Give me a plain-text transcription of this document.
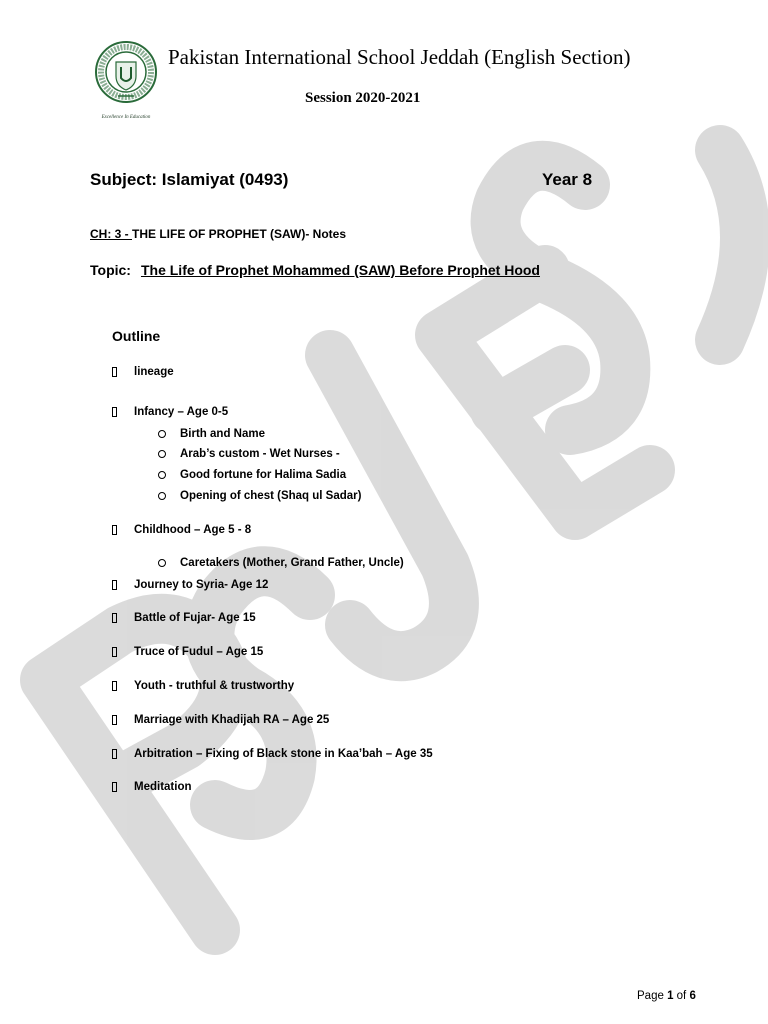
Excellence In Education
Pakistan International School Jeddah (English Section)
Session 2020-2021
Subject: Islamiyat (0493)	Year 8
CH: 3 - THE LIFE OF PROPHET (SAW)- Notes
Topic: The Life of Prophet Mohammed (SAW) Before Prophet Hood
Outline
lineage
Infancy – Age 0-5
Birth and Name
Arab’s custom - Wet Nurses -
Good fortune for Halima Sadia
Opening of chest (Shaq ul Sadar)
Childhood – Age 5 - 8
Caretakers (Mother, Grand Father, Uncle)
Journey to Syria- Age 12
Battle of Fujar- Age 15
Truce of Fudul – Age 15
Youth - truthful & trustworthy
Marriage with Khadijah RA – Age 25
Arbitration – Fixing of Black stone in Kaa’bah – Age 35
Meditation
Page 1 of 6
